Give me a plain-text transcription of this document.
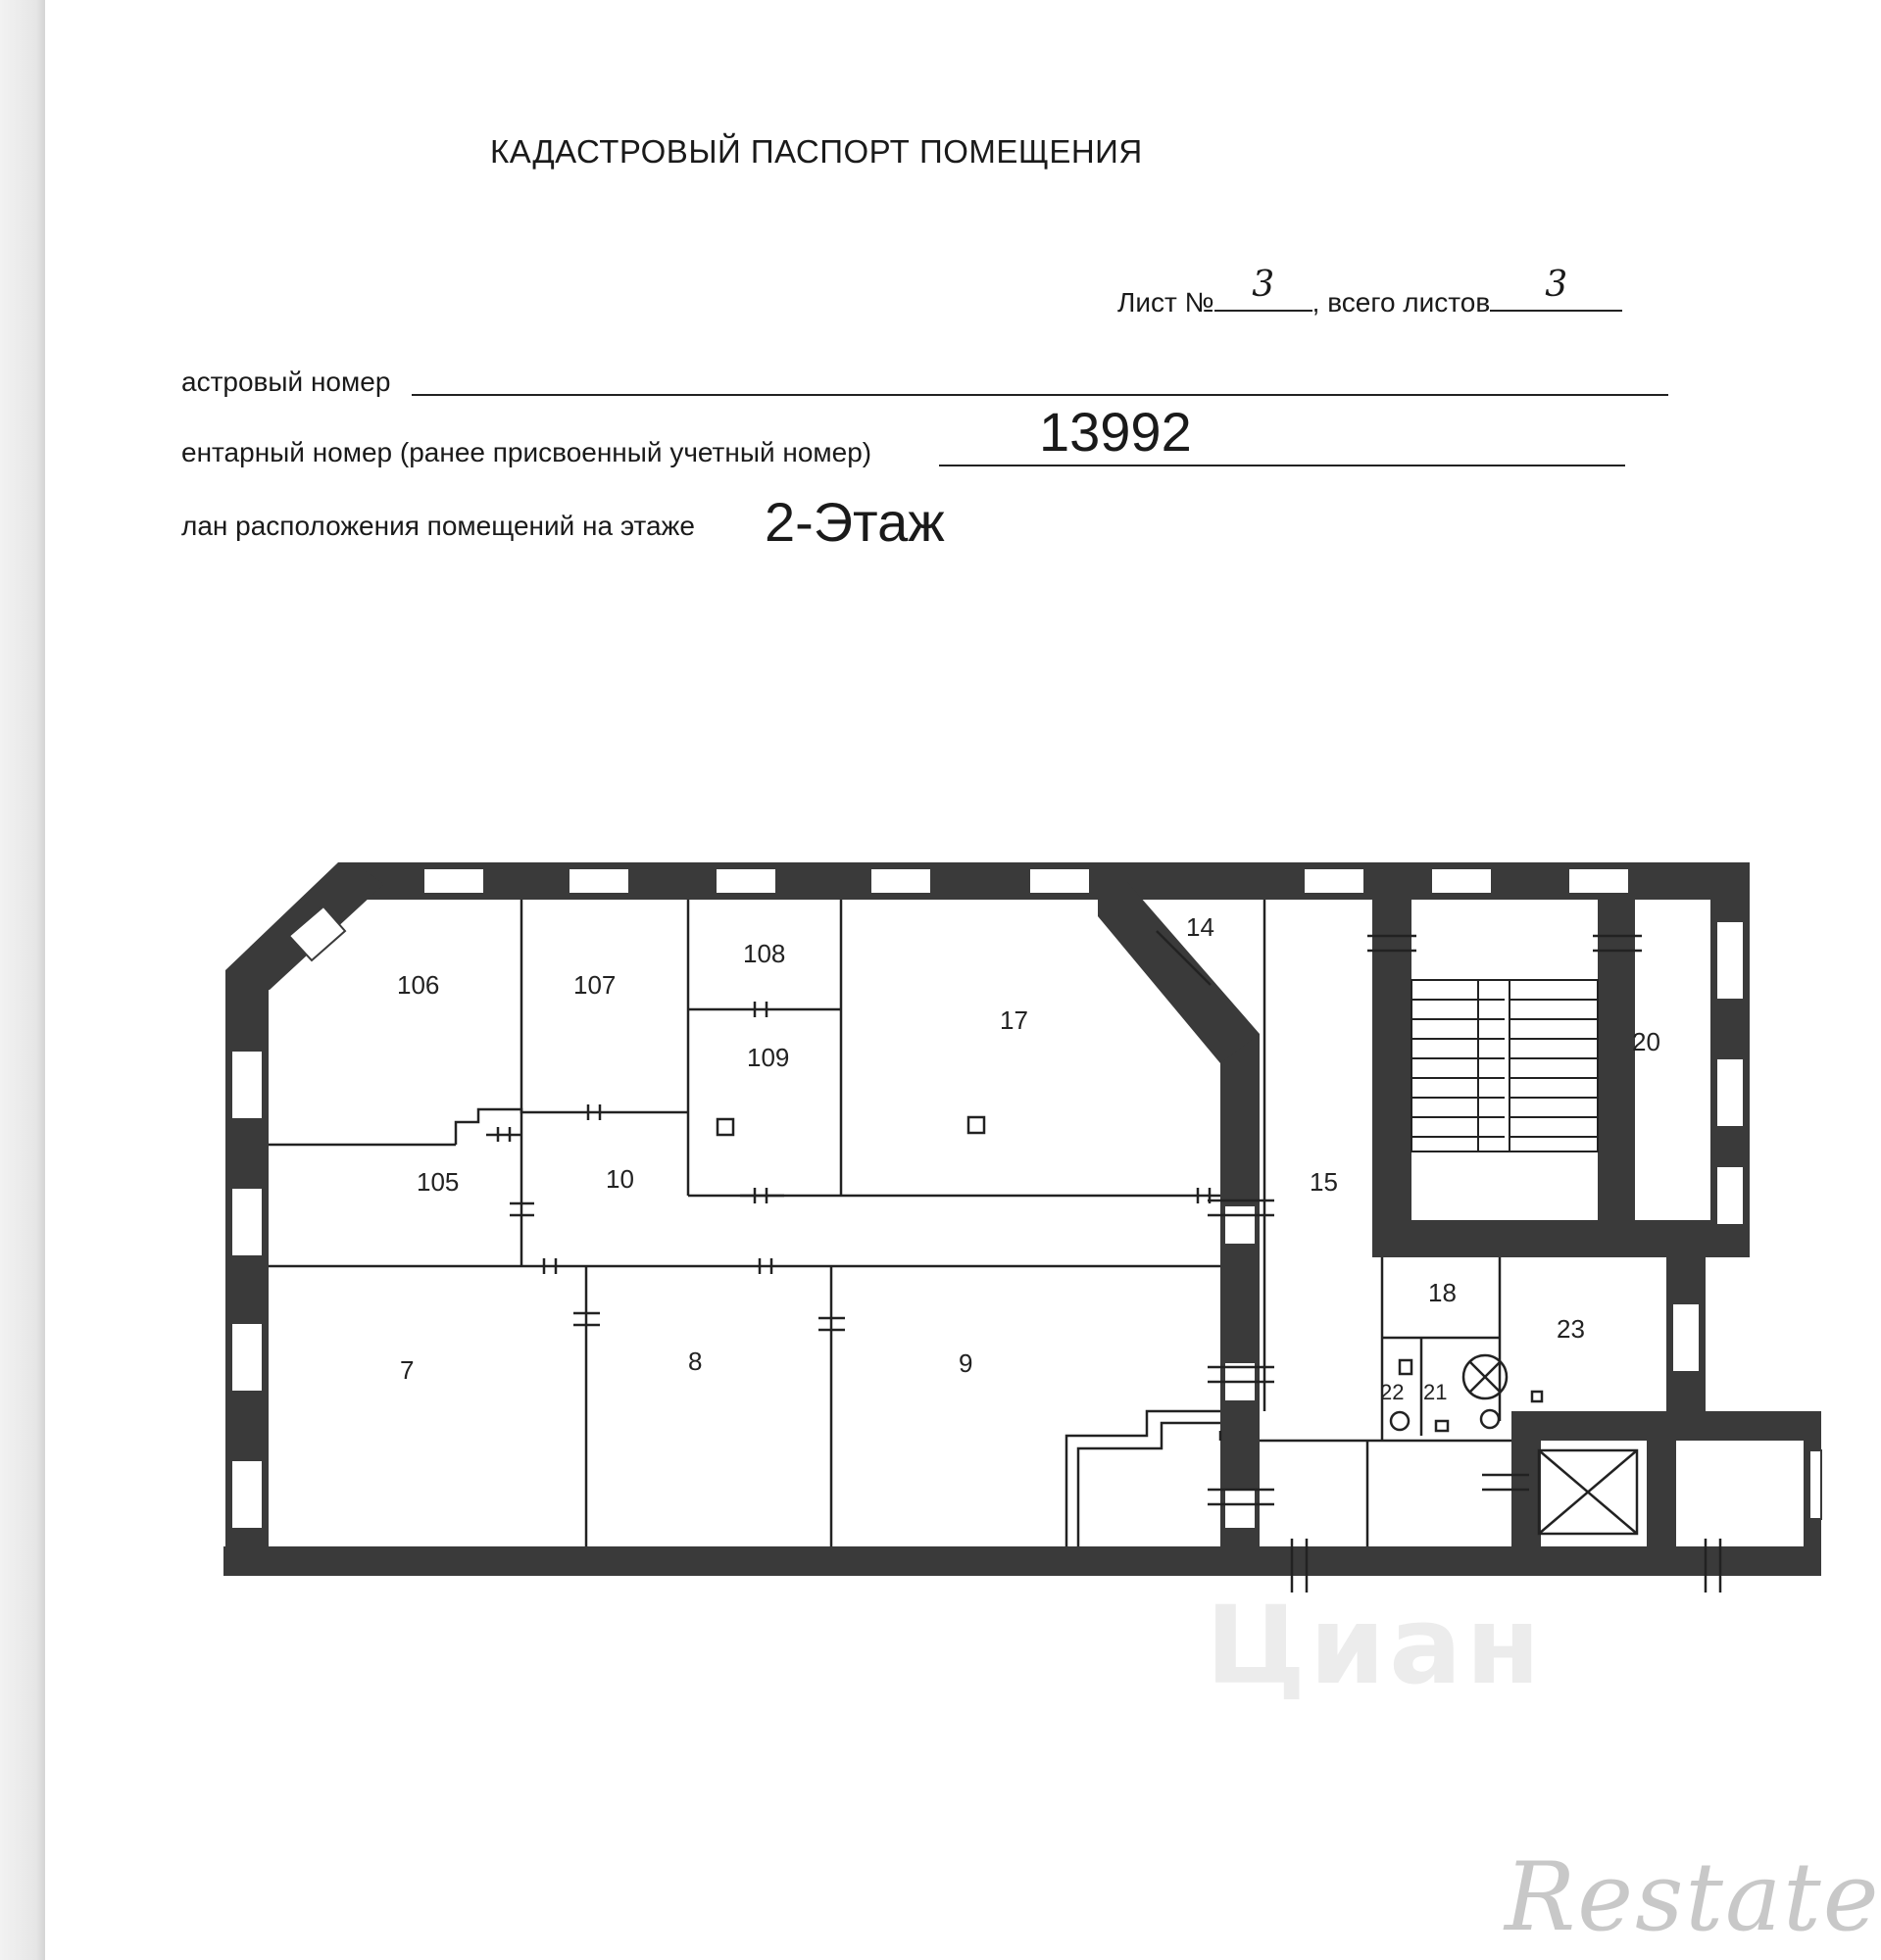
КАДАСТРОВЫЙ ПАСПОРТ ПОМЕЩЕНИЯ
Лист №	3	, всего листов	3
астровый номер
ентарный номер (ранее присвоенный учетный номер)	13992
лан расположения помещений на этаже 2-Этаж
106	107
108
109
17
14
105	10	15
20
7	8	9
18
23
22 21
Циан
Restate
